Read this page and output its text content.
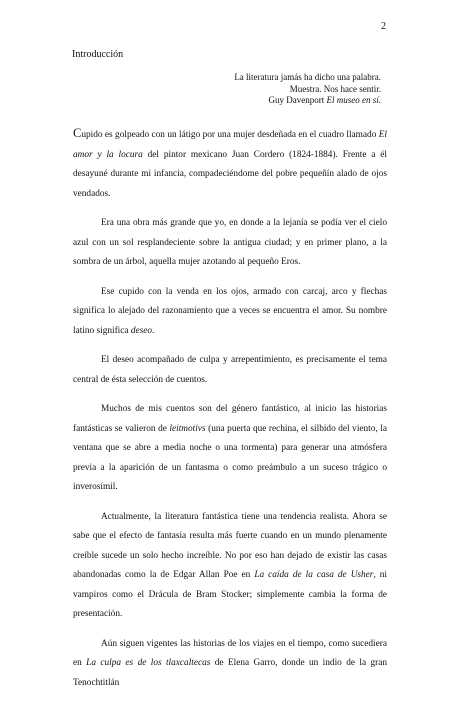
2
Introducción
La literatura jamás ha dicho una palabra.
Muestra. Nos hace sentir.
Guy Davenport El museo en sí.

Cupido es golpeado con un látigo por una mujer desdeñada en el cuadro llamado El amor y la locura del pintor mexicano Juan Cordero (1824-1884). Frente a él desayuné durante mi infancia, compadeciéndome del pobre pequeñín alado de ojos vendados.

Era una obra más grande que yo, en donde a la lejanía se podía ver el cielo azul con un sol resplandeciente sobre la antigua ciudad; y en primer plano, a la sombra de un árbol, aquella mujer azotando al pequeño Eros.

Ese cupido con la venda en los ojos, armado con carcaj, arco y flechas significa lo alejado del razonamiento que a veces se encuentra el amor. Su nombre latino significa deseo.

El deseo acompañado de culpa y arrepentimiento, es precisamente el tema central de ésta selección de cuentos.

Muchos de mis cuentos son del género fantástico, al inicio las historias fantásticas se valieron de leitmotivs (una puerta que rechina, el silbido del viento, la ventana que se abre a media noche o una tormenta) para generar una atmósfera previa a la aparición de un fantasma o como preámbulo a un suceso trágico o inverosímil.

Actualmente, la literatura fantástica tiene una tendencia realista. Ahora se sabe que el efecto de fantasía resulta más fuerte cuando en un mundo plenamente creíble sucede un solo hecho increíble. No por eso han dejado de existir las casas abandonadas como la de Edgar Allan Poe en La caída de la casa de Usher, ni vampiros como el Drácula de Bram Stocker; simplemente cambia la forma de presentación.

Aún siguen vigentes las historias de los viajes en el tiempo, como sucediera en La culpa es de los tlaxcaltecas de Elena Garro, donde un indio de la gran Tenochtitlán
